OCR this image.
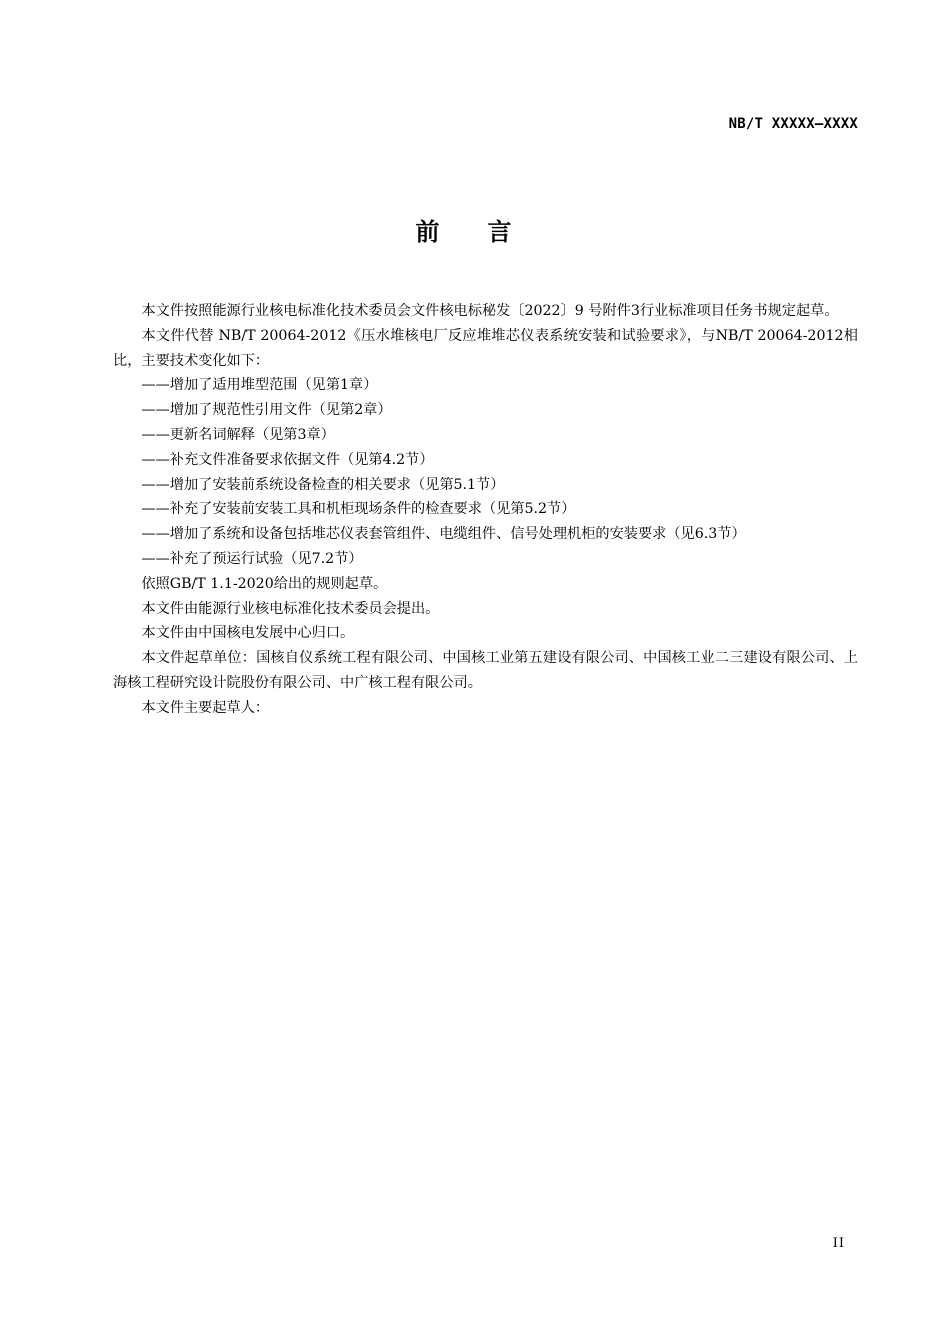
NB/T XXXXX—XXXX
前言

本文件按照能源行业核电标准化技术委员会文件核电标秘发〔2022〕9 号附件3行业标准项目任务书规定起草。

本文件代替 NB/T 20064-2012《压水堆核电厂反应堆堆芯仪表系统安装和试验要求》，与NB/T 20064-2012相比，主要技术变化如下：

——增加了适用堆型范围（见第1章）

——增加了规范性引用文件（见第2章）

——更新名词解释（见第3章）

——补充文件准备要求依据文件（见第4.2节）

——增加了安装前系统设备检查的相关要求（见第5.1节）

——补充了安装前安装工具和机柜现场条件的检查要求（见第5.2节）

——增加了系统和设备包括堆芯仪表套管组件、电缆组件、信号处理机柜的安装要求（见6.3节）

——补充了预运行试验（见7.2节）

依照GB/T 1.1-2020给出的规则起草。

本文件由能源行业核电标准化技术委员会提出。

本文件由中国核电发展中心归口。

本文件起草单位：国核自仪系统工程有限公司、中国核工业第五建设有限公司、中国核工业二三建设有限公司、上海核工程研究设计院股份有限公司、中广核工程有限公司。

本文件主要起草人：

II
